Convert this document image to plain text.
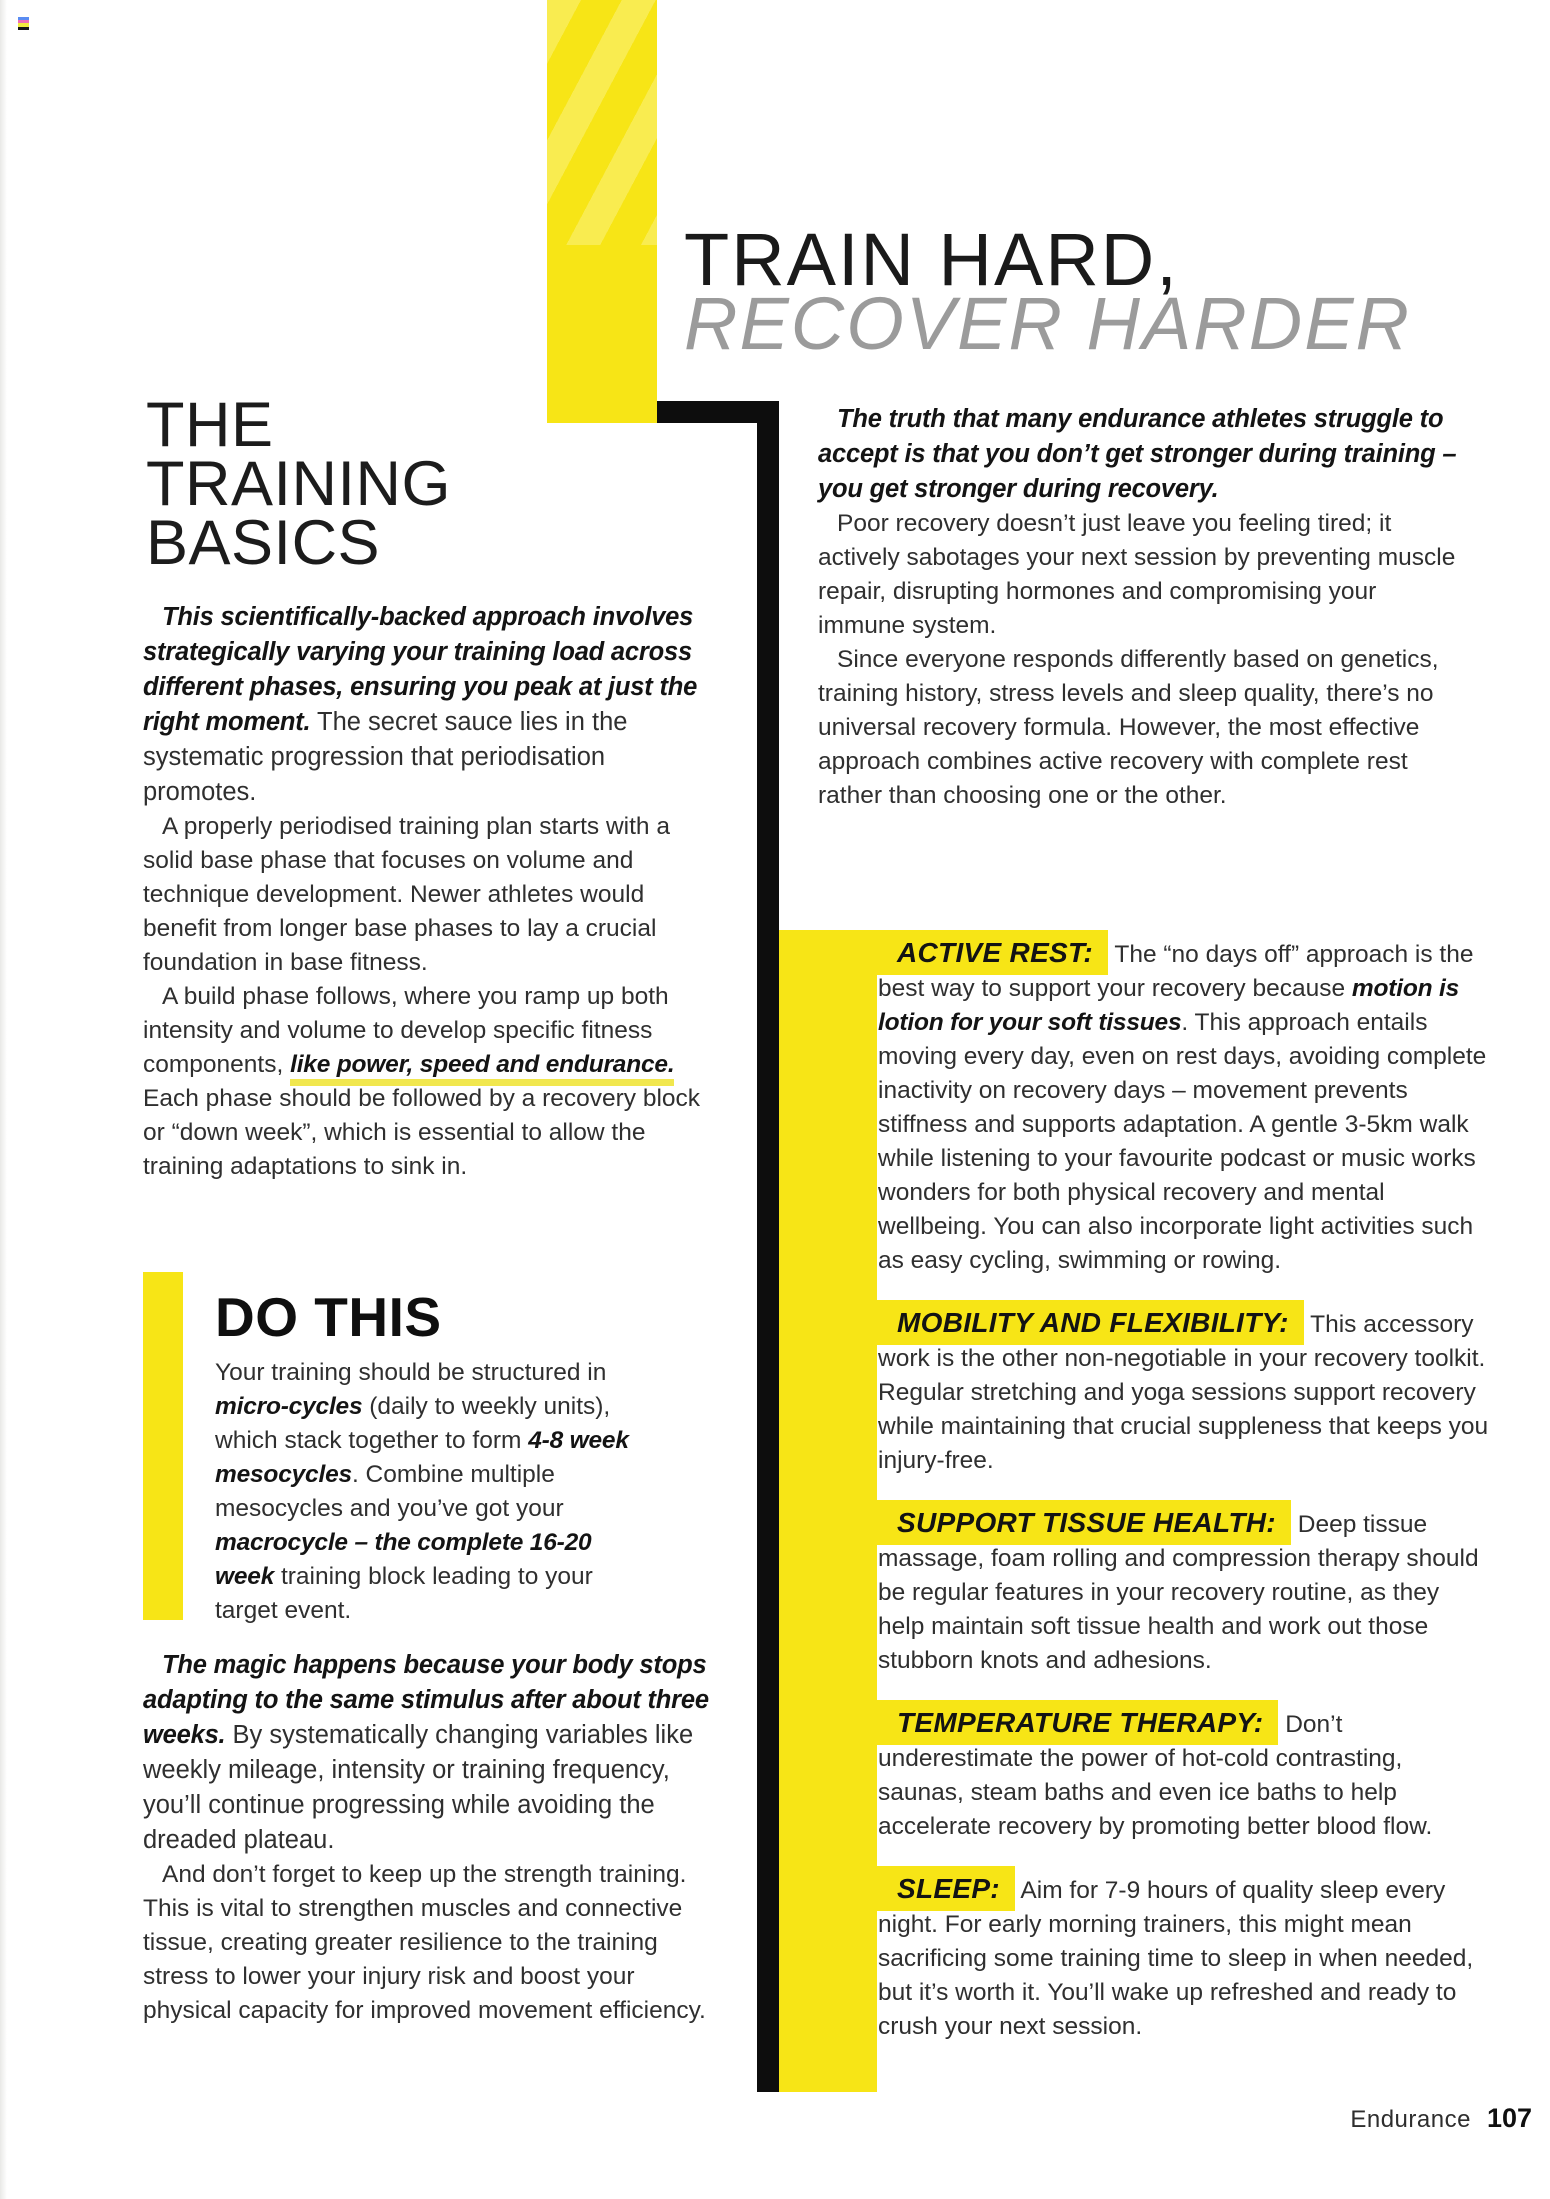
TRAIN HARD,
RECOVER HARDER
THE
TRAINING
BASICS

This scientifically-backed approach involves strategically varying your training load across different phases, ensuring you peak at just the right moment. The secret sauce lies in the systematic progression that periodisation promotes.

A properly periodised training plan starts with a solid base phase that focuses on volume and technique development. Newer athletes would benefit from longer base phases to lay a crucial foundation in base fitness.

A build phase follows, where you ramp up both intensity and volume to develop specific fitness components, like power, speed and endurance. Each phase should be followed by a recovery block or “down week”, which is essential to allow the training adaptations to sink in.

DO THIS

Your training should be structured in micro-cycles (daily to weekly units), which stack together to form 4-8 week mesocycles. Combine multiple mesocycles and you’ve got your macrocycle – the complete 16-20 week training block leading to your target event.

The magic happens because your body stops adapting to the same stimulus after about three weeks. By systematically changing variables like weekly mileage, intensity or training frequency, you’ll continue progressing while avoiding the dreaded plateau.

And don’t forget to keep up the strength training. This is vital to strengthen muscles and connective tissue, creating greater resilience to the training stress to lower your injury risk and boost your physical capacity for improved movement efficiency.

The truth that many endurance athletes struggle to accept is that you don’t get stronger during training – you get stronger during recovery.

Poor recovery doesn’t just leave you feeling tired; it actively sabotages your next session by preventing muscle repair, disrupting hormones and compromising your immune system.

Since everyone responds differently based on genetics, training history, stress levels and sleep quality, there’s no universal recovery formula. However, the most effective approach combines active recovery with complete rest rather than choosing one or the other.

ACTIVE REST: The “no days off” approach is the best way to support your recovery because motion is lotion for your soft tissues. This approach entails moving every day, even on rest days, avoiding complete inactivity on recovery days – movement prevents stiffness and supports adaptation. A gentle 3-5km walk while listening to your favourite podcast or music works wonders for both physical recovery and mental wellbeing. You can also incorporate light activities such as easy cycling, swimming or rowing.

MOBILITY AND FLEXIBILITY: This accessory work is the other non-negotiable in your recovery toolkit. Regular stretching and yoga sessions support recovery while maintaining that crucial suppleness that keeps you injury-free.

SUPPORT TISSUE HEALTH: Deep tissue massage, foam rolling and compression therapy should be regular features in your recovery routine, as they help maintain soft tissue health and work out those stubborn knots and adhesions.

TEMPERATURE THERAPY: Don’t underestimate the power of hot-cold contrasting, saunas, steam baths and even ice baths to help accelerate recovery by promoting better blood flow.

SLEEP: Aim for 7-9 hours of quality sleep every night. For early morning trainers, this might mean sacrificing some training time to sleep in when needed, but it’s worth it. You’ll wake up refreshed and ready to crush your next session.

Endurance 107
